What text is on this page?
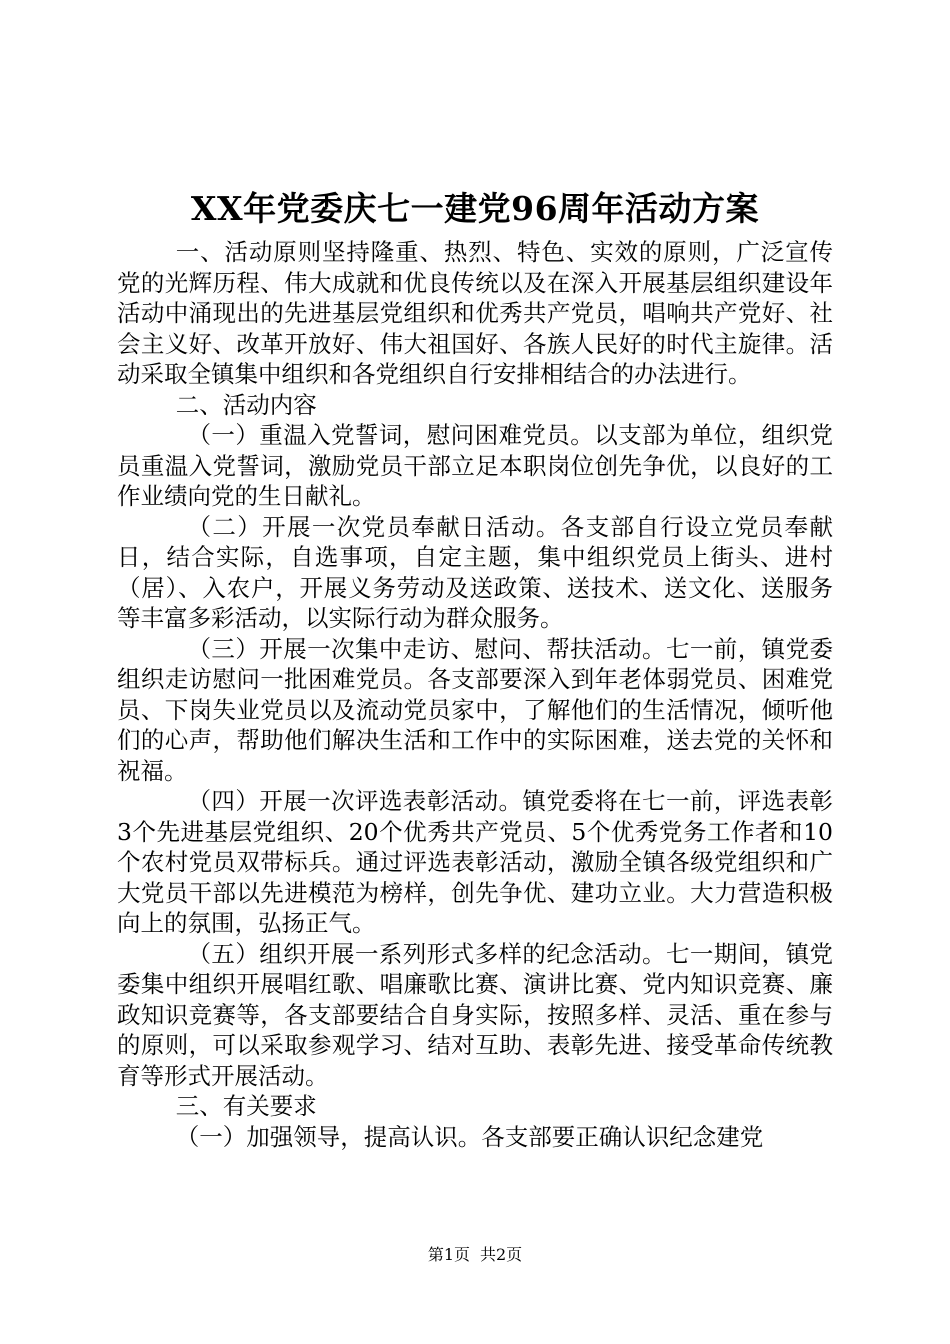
XX年党委庆七一建党96周年活动方案

一、活动原则坚持隆重、热烈、特色、实效的原则，广泛宣传党的光辉历程、伟大成就和优良传统以及在深入开展基层组织建设年活动中涌现出的先进基层党组织和优秀共产党员，唱响共产党好、社会主义好、改革开放好、伟大祖国好、各族人民好的时代主旋律。活动采取全镇集中组织和各党组织自行安排相结合的办法进行。

二、活动内容

（一）重温入党誓词，慰问困难党员。以支部为单位，组织党员重温入党誓词，激励党员干部立足本职岗位创先争优，以良好的工作业绩向党的生日献礼。

（二）开展一次党员奉献日活动。各支部自行设立党员奉献日，结合实际，自选事项，自定主题，集中组织党员上街头、进村（居）、入农户，开展义务劳动及送政策、送技术、送文化、送服务等丰富多彩活动，以实际行动为群众服务。

（三）开展一次集中走访、慰问、帮扶活动。七一前，镇党委组织走访慰问一批困难党员。各支部要深入到年老体弱党员、困难党员、下岗失业党员以及流动党员家中，了解他们的生活情况，倾听他们的心声，帮助他们解决生活和工作中的实际困难，送去党的关怀和祝福。

（四）开展一次评选表彰活动。镇党委将在七一前，评选表彰3个先进基层党组织、20个优秀共产党员、5个优秀党务工作者和10个农村党员双带标兵。通过评选表彰活动，激励全镇各级党组织和广大党员干部以先进模范为榜样，创先争优、建功立业。大力营造积极向上的氛围，弘扬正气。

（五）组织开展一系列形式多样的纪念活动。七一期间，镇党委集中组织开展唱红歌、唱廉歌比赛、演讲比赛、党内知识竞赛、廉政知识竞赛等，各支部要结合自身实际，按照多样、灵活、重在参与的原则，可以采取参观学习、结对互助、表彰先进、接受革命传统教育等形式开展活动。

三、有关要求

（一）加强领导，提高认识。各支部要正确认识纪念建党

第1页 共2页
